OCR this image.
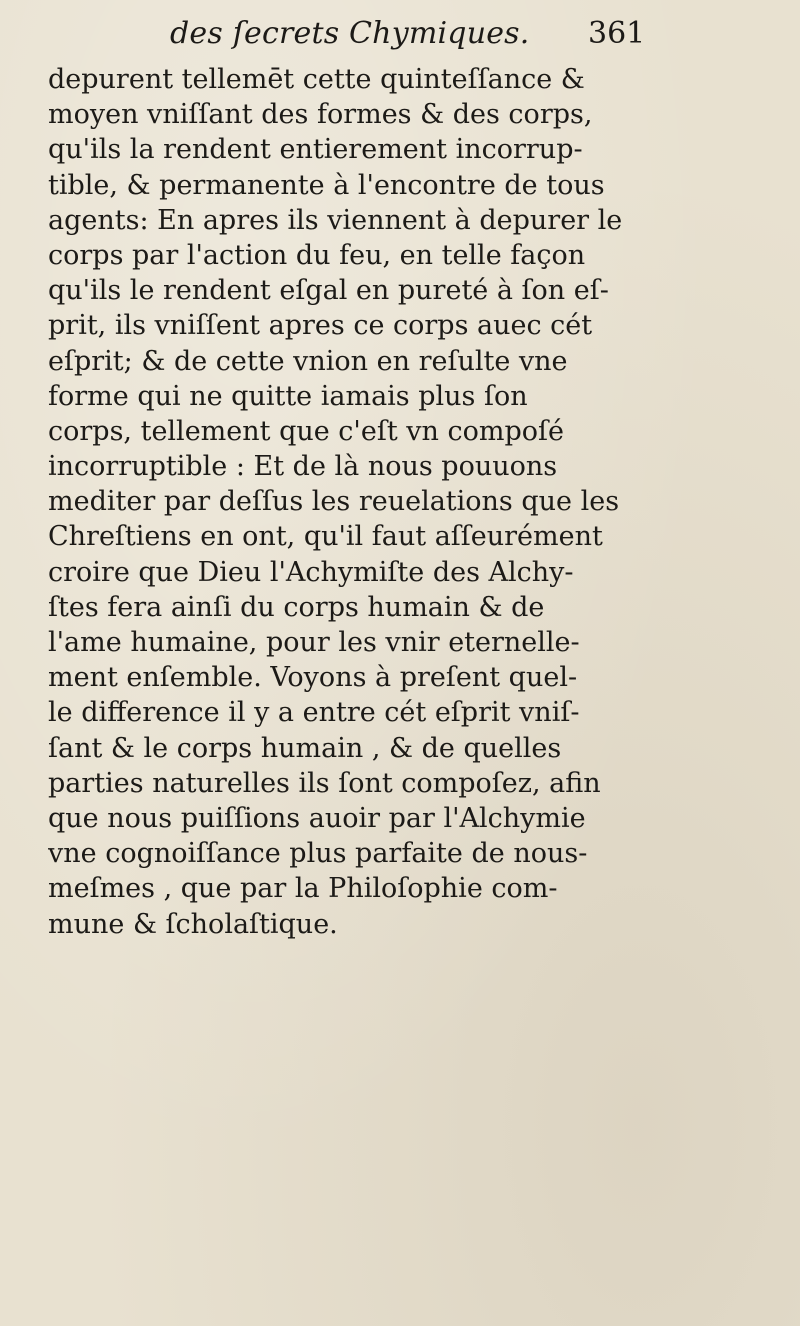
des ſecrets Chymiques. 361
depurent tellemēt cette quinteſſance &
moyen vniſſant des formes & des corps,
qu'ils la rendent entierement incorrup-
tible, & permanente à l'encontre de tous
agents: En apres ils viennent à depurer le
corps par l'action du feu, en telle façon
qu'ils le rendent eſgal en pureté à ſon eſ-
prit, ils vniſſent apres ce corps auec cét
eſprit; & de cette vnion en reſulte vne
forme qui ne quitte iamais plus ſon
corps, tellement que c'eſt vn compoſé
incorruptible : Et de là nous pouuons
mediter par deſſus les reuelations que les
Chreſtiens en ont, qu'il faut aſſeurément
croire que Dieu l'Achymiſte des Alchy-
ſtes fera ainſi du corps humain & de
l'ame humaine, pour les vnir eternelle-
ment enſemble. Voyons à preſent quel-
le difference il y a entre cét eſprit vniſ-
ſant & le corps humain , & de quelles
parties naturelles ils ſont compoſez, afin
que nous puiſſions auoir par l'Alchymie
vne cognoiſſance plus parfaite de nous-
meſmes , que par la Philoſophie com-
mune & ſcholaſtique.
